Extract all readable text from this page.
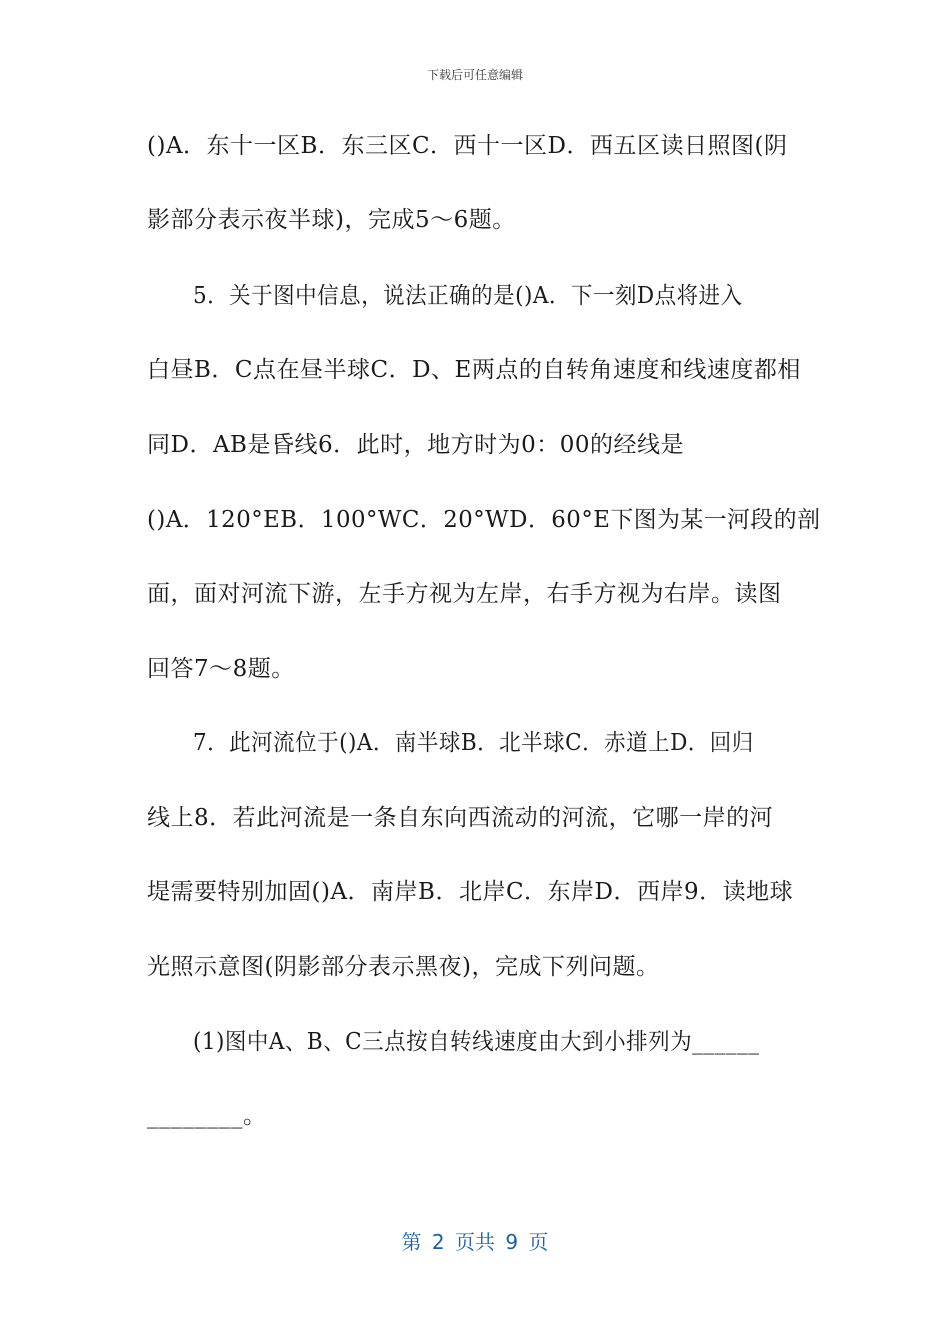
下载后可任意编辑
()A．东十一区B．东三区C．西十一区D．西五区读日照图(阴
影部分表示夜半球)，完成5～6题。
5．关于图中信息，说法正确的是()A．下一刻D点将进入
白昼B．C点在昼半球C．D、E两点的自转角速度和线速度都相
同D．AB是昏线6．此时，地方时为0：00的经线是
()A．120°EB．100°WC．20°WD．60°E下图为某一河段的剖
面，面对河流下游，左手方视为左岸，右手方视为右岸。读图
回答7～8题。
7．此河流位于()A．南半球B．北半球C．赤道上D．回归
线上8．若此河流是一条自东向西流动的河流，它哪一岸的河
堤需要特别加固()A．南岸B．北岸C．东岸D．西岸9．读地球
光照示意图(阴影部分表示黑夜)，完成下列问题。
(1)图中A、B、C三点按自转线速度由大到小排列为______
________。
第 2 页共 9 页
